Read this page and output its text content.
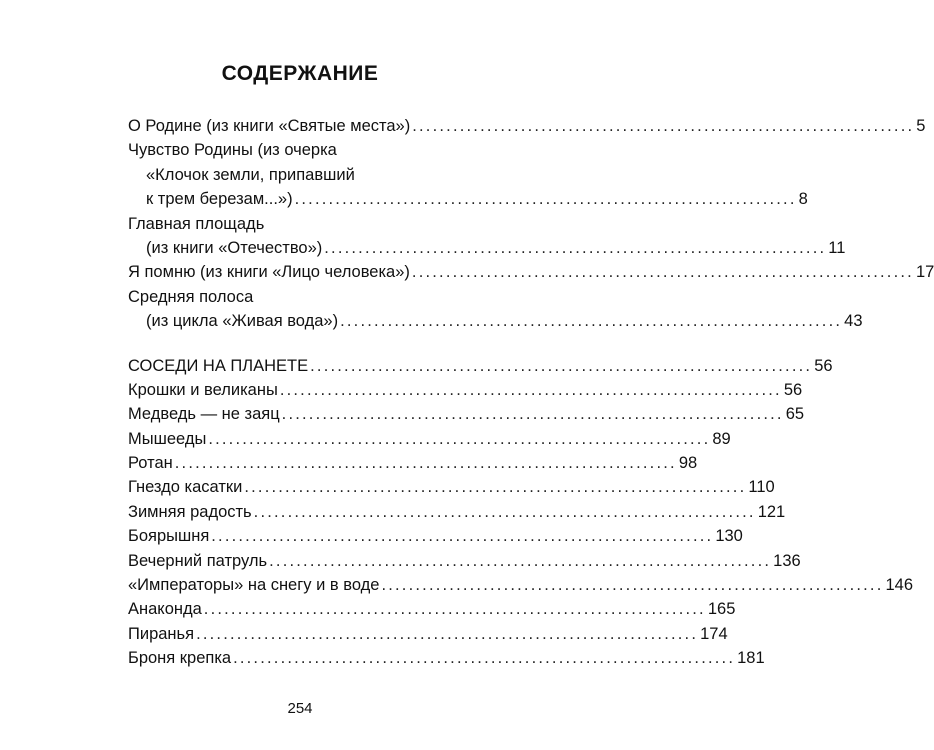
СОДЕРЖАНИЕ
О Родине (из книги «Святые места») .......................................................................... 5
Чувство Родины (из очерка
«Клочок земли, припавший
к трем березам...») .......................................................................... 8
Главная площадь
(из книги «Отечество») .......................................................................... 11
Я помню (из книги «Лицо человека») .......................................................................... 17
Средняя полоса
(из цикла «Живая вода») .......................................................................... 43
СОСЕДИ НА ПЛАНЕТЕ .......................................................................... 56
Крошки и великаны .......................................................................... 56
Медведь — не заяц .......................................................................... 65
Мышееды .......................................................................... 89
Ротан .......................................................................... 98
Гнездо касатки .......................................................................... 110
Зимняя радость .......................................................................... 121
Боярышня .......................................................................... 130
Вечерний патруль .......................................................................... 136
«Императоры» на снегу и в воде .......................................................................... 146
Анаконда .......................................................................... 165
Пиранья .......................................................................... 174
Броня крепка .......................................................................... 181
254
